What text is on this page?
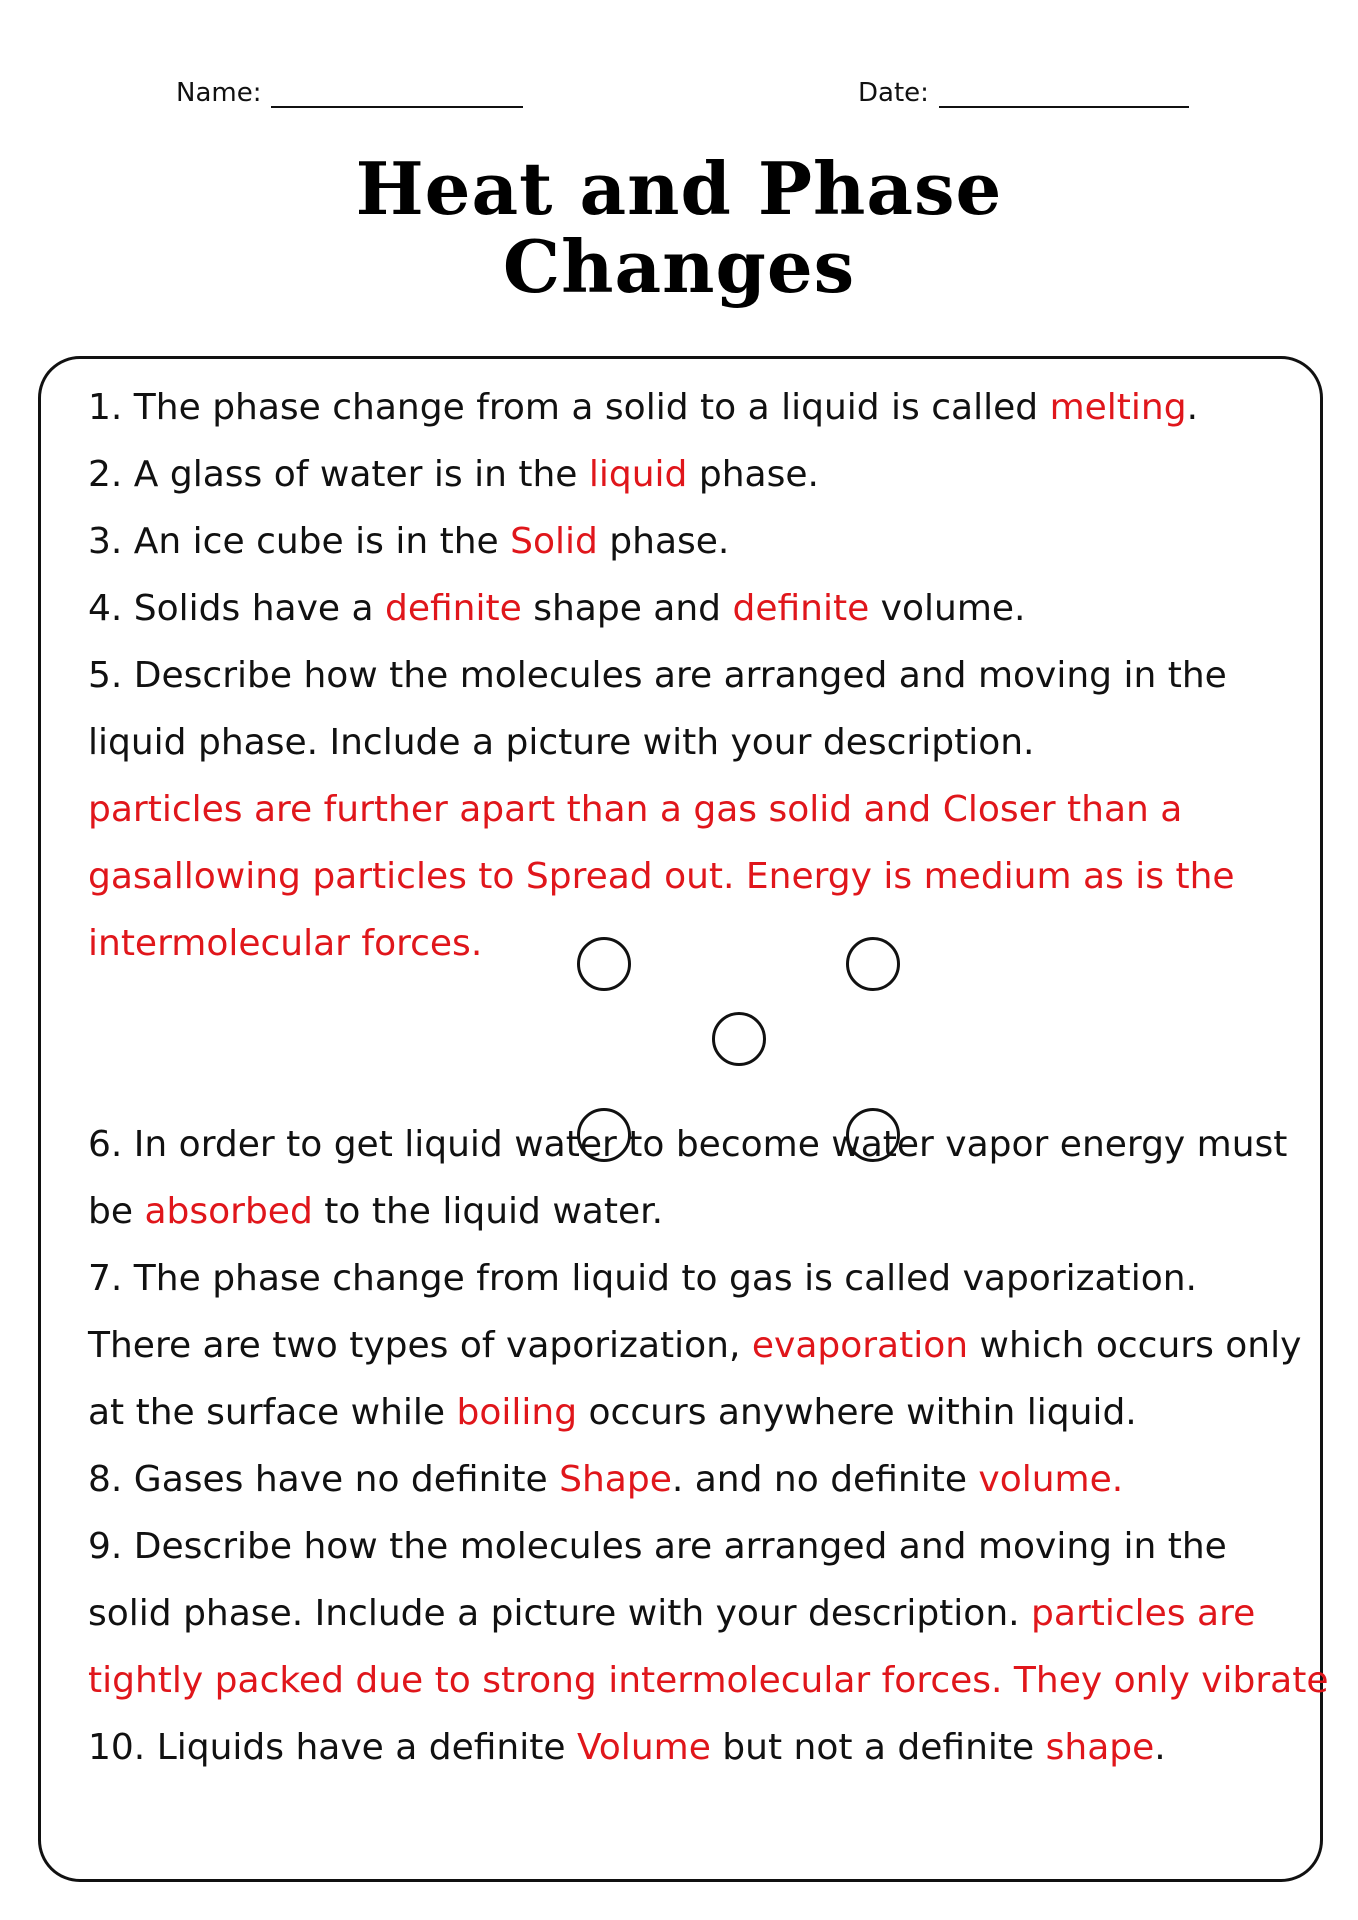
Name:	Date:
Heat and Phase
Changes
1. The phase change from a solid to a liquid is called melting.
2. A glass of water is in the liquid phase.
3. An ice cube is in the Solid phase.
4. Solids have a definite shape and definite volume.
5. Describe how the molecules are arranged and moving in the
liquid phase. Include a picture with your description.
particles are further apart than a gas solid and Closer than a
gasallowing particles to Spread out. Energy is medium as is the
intermolecular forces.
6. In order to get liquid water to become water vapor energy must
be absorbed to the liquid water.
7. The phase change from liquid to gas is called vaporization.
There are two types of vaporization, evaporation which occurs only
at the surface while boiling occurs anywhere within liquid.
8. Gases have no definite Shape. and no definite volume.
9. Describe how the molecules are arranged and moving in the
solid phase. Include a picture with your description. particles are
tightly packed due to strong intermolecular forces. They only vibrate
10. Liquids have a definite Volume but not a definite shape.
